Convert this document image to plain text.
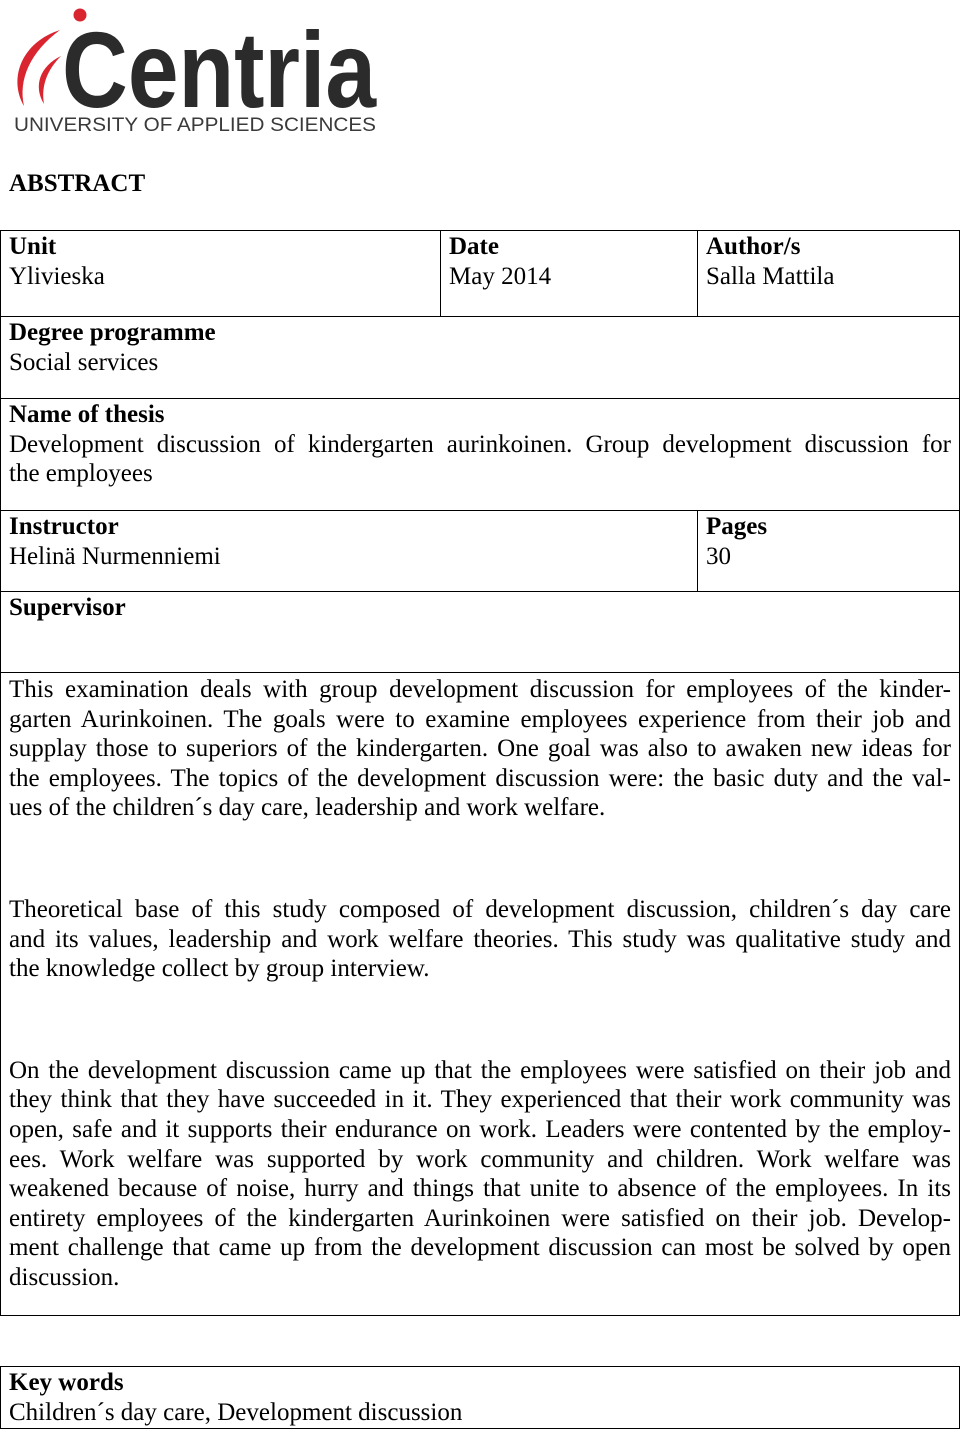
Centria
UNIVERSITY OF APPLIED SCIENCES
ABSTRACT
Unit
Ylivieska
Date
May 2014
Author/s
Salla Mattila
Degree programme
Social services
Name of thesis
Development discussion of kindergarten aurinkoinen. Group development discussion for
the employees
Instructor
Helinä Nurmenniemi
Pages
30
Supervisor
This examination deals with group development discussion for employees of the kinder-
garten Aurinkoinen. The goals were to examine employees experience from their job and
supplay those to superiors of the kindergarten. One goal was also to awaken new ideas for
the employees. The topics of the development discussion were: the basic duty and the val-
ues of the children´s day care, leadership and work welfare.
Theoretical base of this study composed of development discussion, children´s day care
and its values, leadership and work welfare theories. This study was qualitative study and
the knowledge collect by group interview.
On the development discussion came up that the employees were satisfied on their job and
they think that they have succeeded in it. They experienced that their work community was
open, safe and it supports their endurance on work. Leaders were contented by the employ-
ees. Work welfare was supported by work community and children. Work welfare was
weakened because of noise, hurry and things that unite to absence of the employees. In its
entirety employees of the kindergarten Aurinkoinen were satisfied on their job. Develop-
ment challenge that came up from the development discussion can most be solved by open
discussion.
Key words
Children´s day care, Development discussion
